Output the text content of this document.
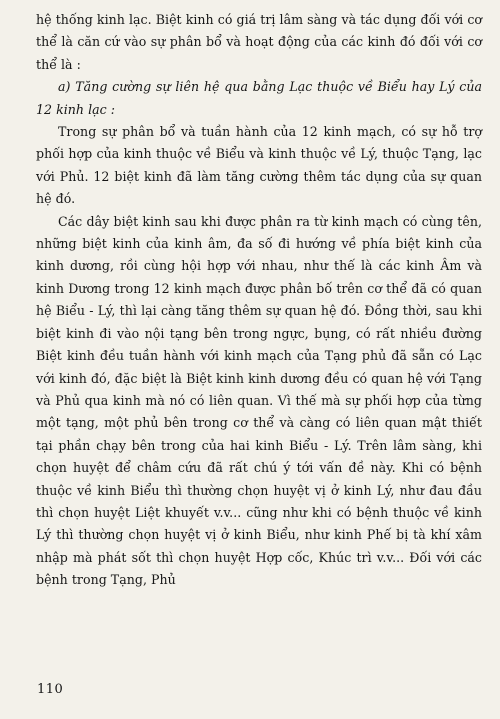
hệ thống kinh lạc. Biệt kinh có giá trị lâm sàng và tác dụng đối với cơ thể là căn cứ vào sự phân bổ và hoạt động của các kinh đó đối với cơ thể là :

a) Tăng cường sự liên hệ qua bằng Lạc thuộc về Biểu hay Lý của 12 kinh lạc :

Trong sự phân bổ và tuần hành của 12 kinh mạch, có sự hỗ trợ phối hợp của kinh thuộc về Biểu và kinh thuộc về Lý, thuộc Tạng, lạc với Phủ. 12 biệt kinh đã làm tăng cường thêm tác dụng của sự quan hệ đó.

Các dây biệt kinh sau khi được phân ra từ kinh mạch có cùng tên, những biệt kinh của kinh âm, đa số đi hướng về phía biệt kinh của kinh dương, rồi cùng hội hợp với nhau, như thế là các kinh Âm và kinh Dương trong 12 kinh mạch được phân bố trên cơ thể đã có quan hệ Biểu - Lý, thì lại càng tăng thêm sự quan hệ đó. Đồng thời, sau khi biệt kinh đi vào nội tạng bên trong ngực, bụng, có rất nhiều đường Biệt kinh đều tuần hành với kinh mạch của Tạng phủ đã sẵn có Lạc với kinh đó, đặc biệt là Biệt kinh kinh dương đều có quan hệ với Tạng và Phủ qua kinh mà nó có liên quan. Vì thế mà sự phối hợp của từng một tạng, một phủ bên trong cơ thể và càng có liên quan mật thiết tại phần chạy bên trong của hai kinh Biểu - Lý. Trên lâm sàng, khi chọn huyệt để châm cứu đã rất chú ý tới vấn đề này. Khi có bệnh thuộc về kinh Biểu thì thường chọn huyệt vị ở kinh Lý, như đau đầu thì chọn huyệt Liệt khuyết v.v... cũng như khi có bệnh thuộc về kinh Lý thì thường chọn huyệt vị ở kinh Biểu, như kinh Phế bị tà khí xâm nhập mà phát sốt thì chọn huyệt Hợp cốc, Khúc trì v.v... Đối với các bệnh trong Tạng, Phủ

110
